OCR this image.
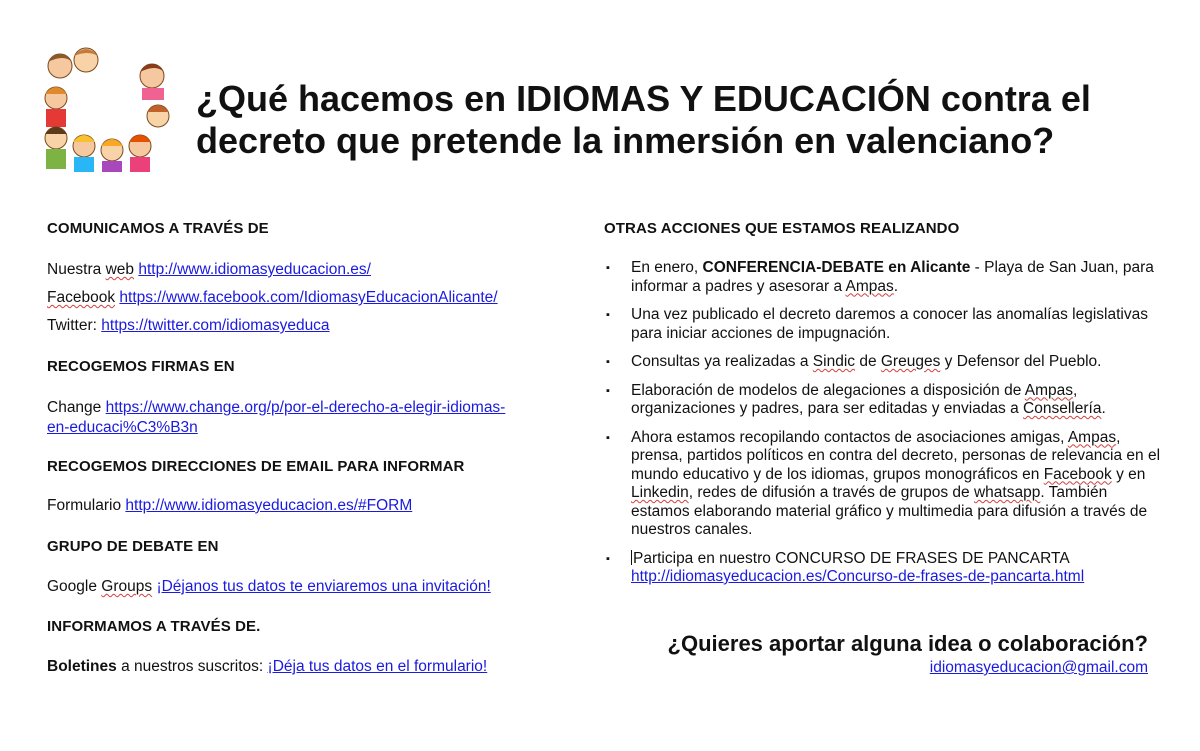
¿Qué hacemos en IDIOMAS Y EDUCACIÓN contra el
decreto que pretende la inmersión en valenciano?
COMUNICAMOS A TRAVÉS DE
Nuestra web http://www.idiomasyeducacion.es/
Facebook https://www.facebook.com/IdiomasyEducacionAlicante/
Twitter: https://twitter.com/idiomasyeduca
RECOGEMOS FIRMAS EN
Change https://www.change.org/p/por-el-derecho-a-elegir-idiomas-
en-educaci%C3%B3n
RECOGEMOS DIRECCIONES DE EMAIL PARA INFORMAR
Formulario http://www.idiomasyeducacion.es/#FORM
GRUPO DE DEBATE EN
Google Groups ¡Déjanos tus datos te enviaremos una invitación!
INFORMAMOS A TRAVÉS DE.
Boletines a nuestros suscritos: ¡Déja tus datos en el formulario!
OTRAS ACCIONES QUE ESTAMOS REALIZANDO
▪ En enero, CONFERENCIA-DEBATE en Alicante - Playa de San Juan, para informar a padres y asesorar a Ampas.
▪ Una vez publicado el decreto daremos a conocer las anomalías legislativas para iniciar acciones de impugnación.
▪ Consultas ya realizadas a Sindic de Greuges y Defensor del Pueblo.
▪ Elaboración de modelos de alegaciones a disposición de Ampas, organizaciones y padres, para ser editadas y enviadas a Consellería.
▪ Ahora estamos recopilando contactos de asociaciones amigas, Ampas, prensa, partidos políticos en contra del decreto, personas de relevancia en el mundo educativo y de los idiomas, grupos monográficos en Facebook y en Linkedin, redes de difusión a través de grupos de whatsapp. También estamos elaborando material gráfico y multimedia para difusión a través de nuestros canales.
▪ Participa en nuestro CONCURSO DE FRASES DE PANCARTA
http://idiomasyeducacion.es/Concurso-de-frases-de-pancarta.html
¿Quieres aportar alguna idea o colaboración?
idiomasyeducacion@gmail.com
